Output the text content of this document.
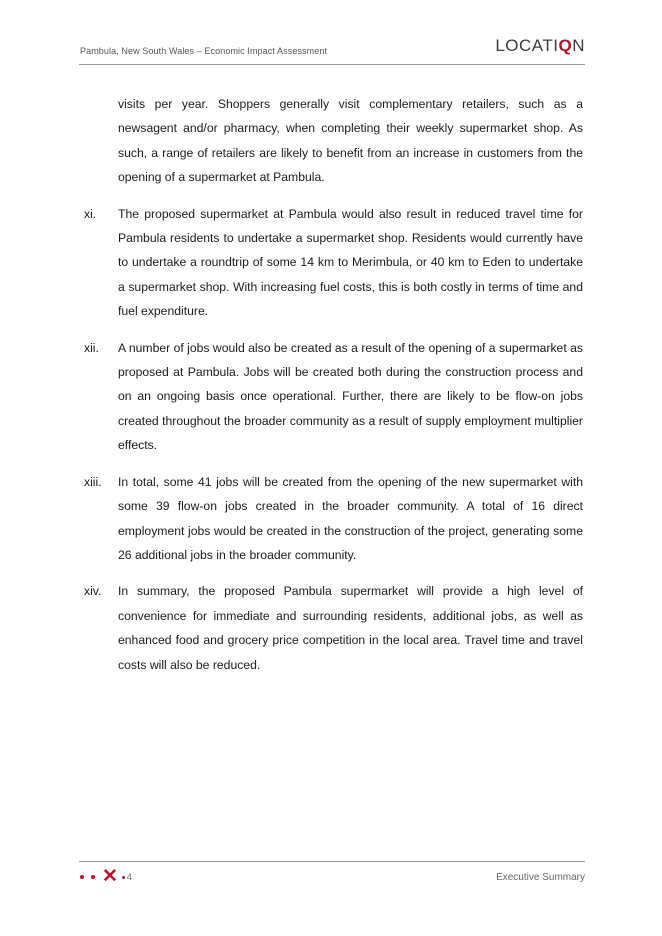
Pambula, New South Wales – Economic Impact Assessment	LOCATIQN

visits per year. Shoppers generally visit complementary retailers, such as a newsagent and/or pharmacy, when completing their weekly supermarket shop. As such, a range of retailers are likely to benefit from an increase in customers from the opening of a supermarket at Pambula.

xi. The proposed supermarket at Pambula would also result in reduced travel time for Pambula residents to undertake a supermarket shop. Residents would currently have to undertake a roundtrip of some 14 km to Merimbula, or 40 km to Eden to undertake a supermarket shop. With increasing fuel costs, this is both costly in terms of time and fuel expenditure.

xii. A number of jobs would also be created as a result of the opening of a supermarket as proposed at Pambula. Jobs will be created both during the construction process and on an ongoing basis once operational. Further, there are likely to be flow-on jobs created throughout the broader community as a result of supply employment multiplier effects.

xiii. In total, some 41 jobs will be created from the opening of the new supermarket with some 39 flow-on jobs created in the broader community. A total of 16 direct employment jobs would be created in the construction of the project, generating some 26 additional jobs in the broader community.

xiv. In summary, the proposed Pambula supermarket will provide a high level of convenience for immediate and surrounding residents, additional jobs, as well as enhanced food and grocery price competition in the local area. Travel time and travel costs will also be reduced.

✕ 4	Executive Summary
